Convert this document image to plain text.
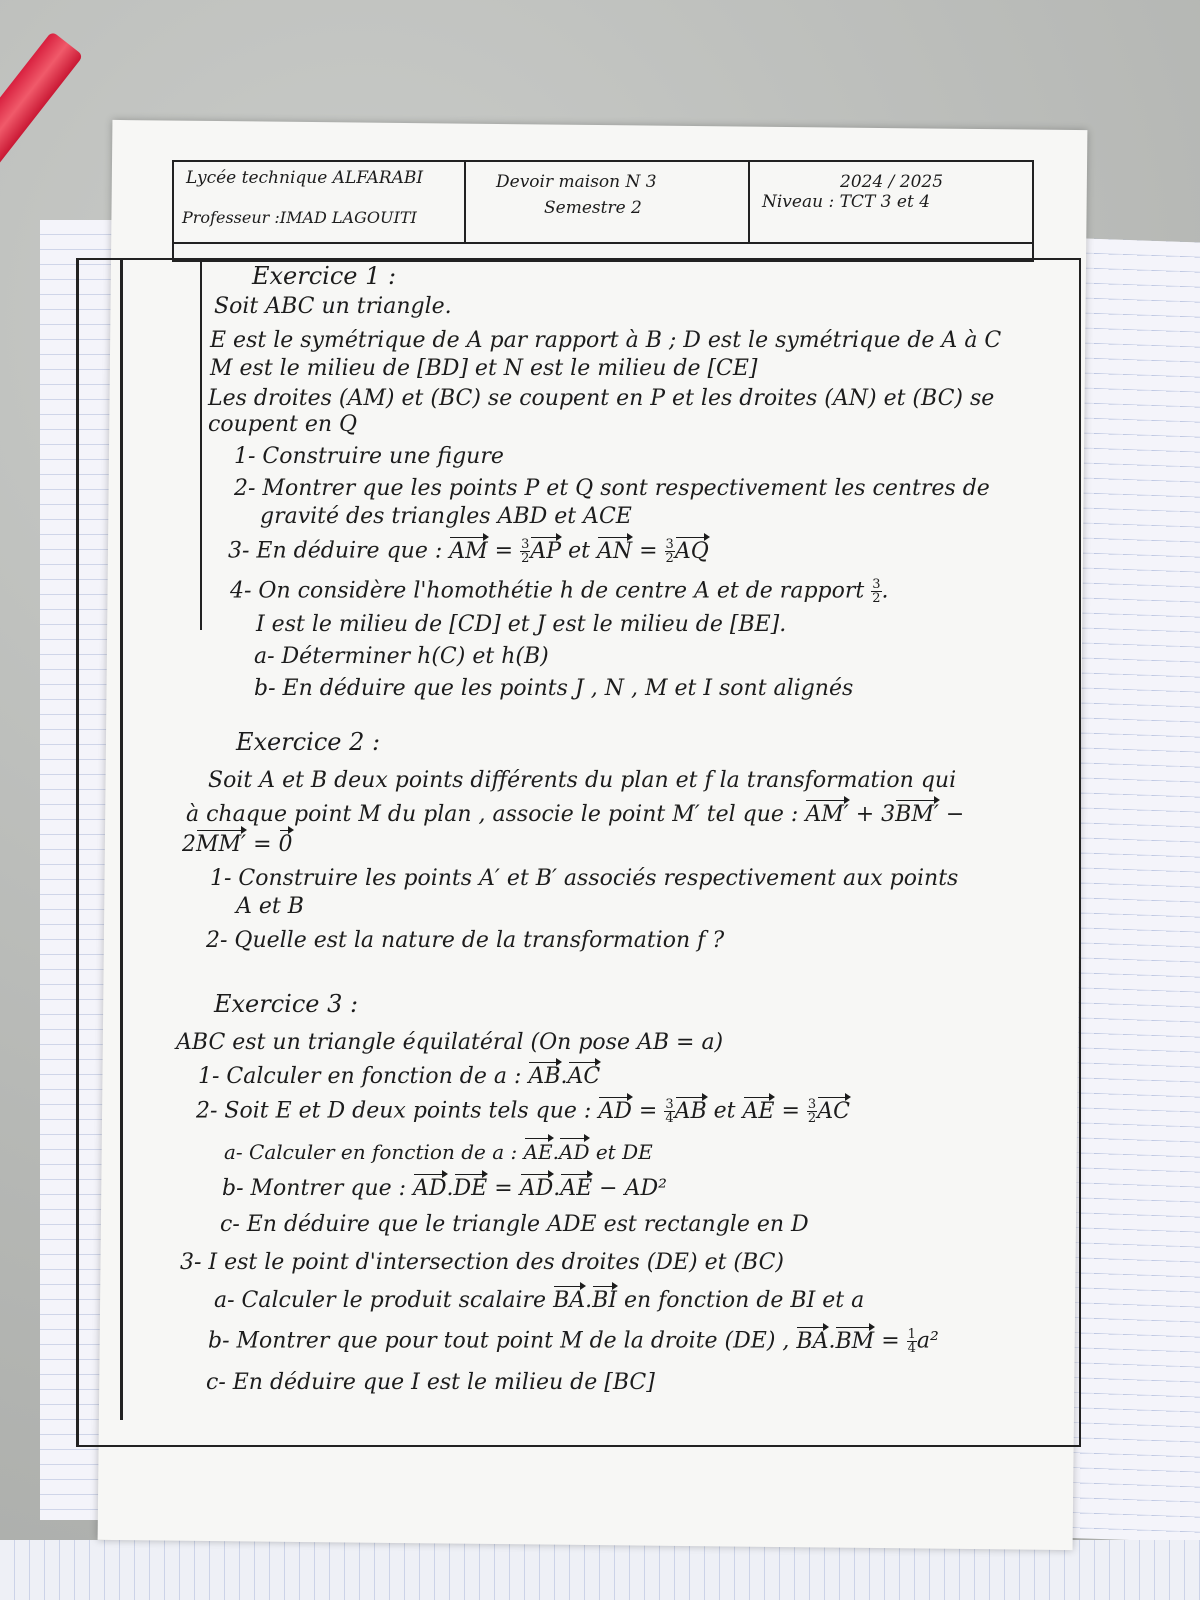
Lycée technique ALFARABI
Professeur :IMAD LAGOUITI
Devoir maison N 3
Semestre 2
2024 / 2025
Niveau : TCT 3 et 4
Exercice 1 :
Soit ABC un triangle.
E est le symétrique de A par rapport à B ; D est le symétrique de A à C
M est le milieu de [BD] et N est le milieu de [CE]
Les droites (AM) et (BC) se coupent en P et les droites (AN) et (BC) se
coupent en Q
1- Construire une figure
2- Montrer que les points P et Q sont respectivement les centres de
gravité des triangles ABD et ACE
3- En déduire que : AM = $\frac{3}{2}$ AP et AN = $\frac{3}{2}$ AQ
4- On considère l'homothétie h de centre A et de rapport $\frac{3}{2}$ .
I est le milieu de [CD] et J est le milieu de [BE].
a- Déterminer h(C) et h(B)
b- En déduire que les points J , N , M et I sont alignés
Exercice 2 :
Soit A et B deux points différents du plan et f la transformation qui
à chaque point M du plan , associe le point M′ tel que : AM′ + 3BM′ −
2MM′ = 0
1- Construire les points A′ et B′ associés respectivement aux points
A et B
2- Quelle est la nature de la transformation f ?
Exercice 3 :
ABC est un triangle équilatéral (On pose AB = a)
1- Calculer en fonction de a : AB.AC
2- Soit E et D deux points tels que : AD = $\frac{3}{4}$ AB et AE = $\frac{3}{2}$ AC
a- Calculer en fonction de a : AE.AD et DE
b- Montrer que : AD.DE = AD.AE − AD²
c- En déduire que le triangle ADE est rectangle en D
3- I est le point d'intersection des droites (DE) et (BC)
a- Calculer le produit scalaire BA.BI en fonction de BI et a
b- Montrer que pour tout point M de la droite (DE) , $BA.BM = \frac{1}{4} a^2$
c- En déduire que I est le milieu de [BC]
